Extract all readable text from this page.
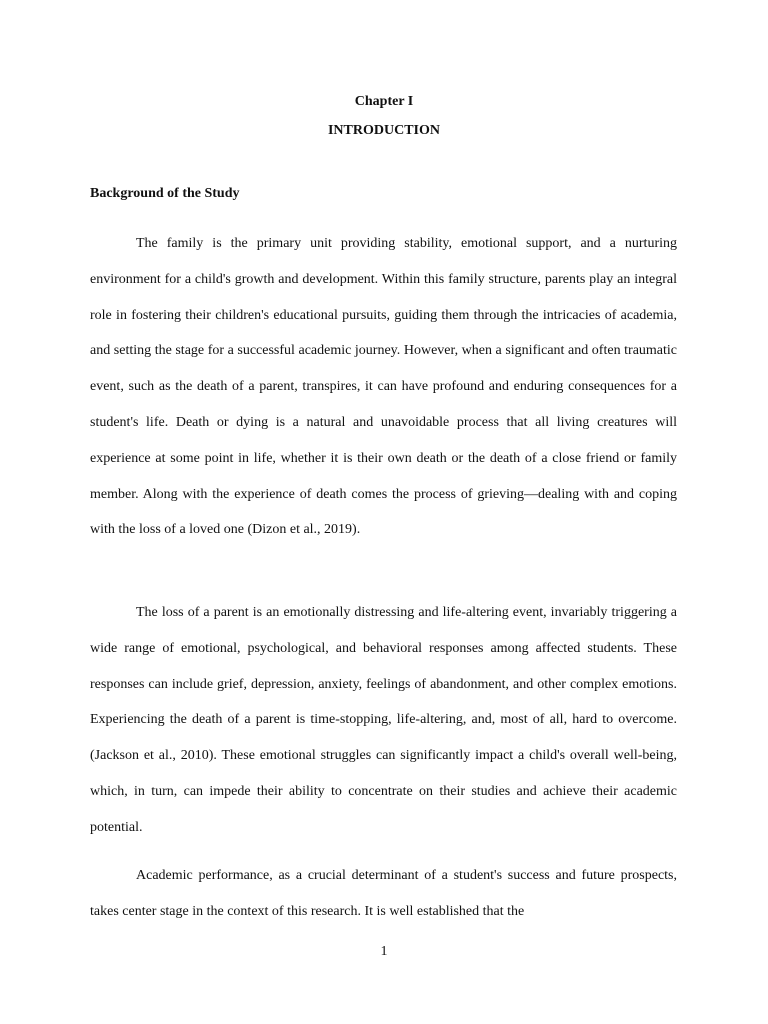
Chapter I
INTRODUCTION
Background of the Study

The family is the primary unit providing stability, emotional support, and a nurturing environment for a child's growth and development. Within this family structure, parents play an integral role in fostering their children's educational pursuits, guiding them through the intricacies of academia, and setting the stage for a successful academic journey. However, when a significant and often traumatic event, such as the death of a parent, transpires, it can have profound and enduring consequences for a student's life. Death or dying is a natural and unavoidable process that all living creatures will experience at some point in life, whether it is their own death or the death of a close friend or family member. Along with the experience of death comes the process of grieving—dealing with and coping with the loss of a loved one (Dizon et al., 2019).

The loss of a parent is an emotionally distressing and life-altering event, invariably triggering a wide range of emotional, psychological, and behavioral responses among affected students. These responses can include grief, depression, anxiety, feelings of abandonment, and other complex emotions. Experiencing the death of a parent is time-stopping, life-altering, and, most of all, hard to overcome. (Jackson et al., 2010). These emotional struggles can significantly impact a child's overall well-being, which, in turn, can impede their ability to concentrate on their studies and achieve their academic potential.

Academic performance, as a crucial determinant of a student's success and future prospects, takes center stage in the context of this research. It is well established that the

1
